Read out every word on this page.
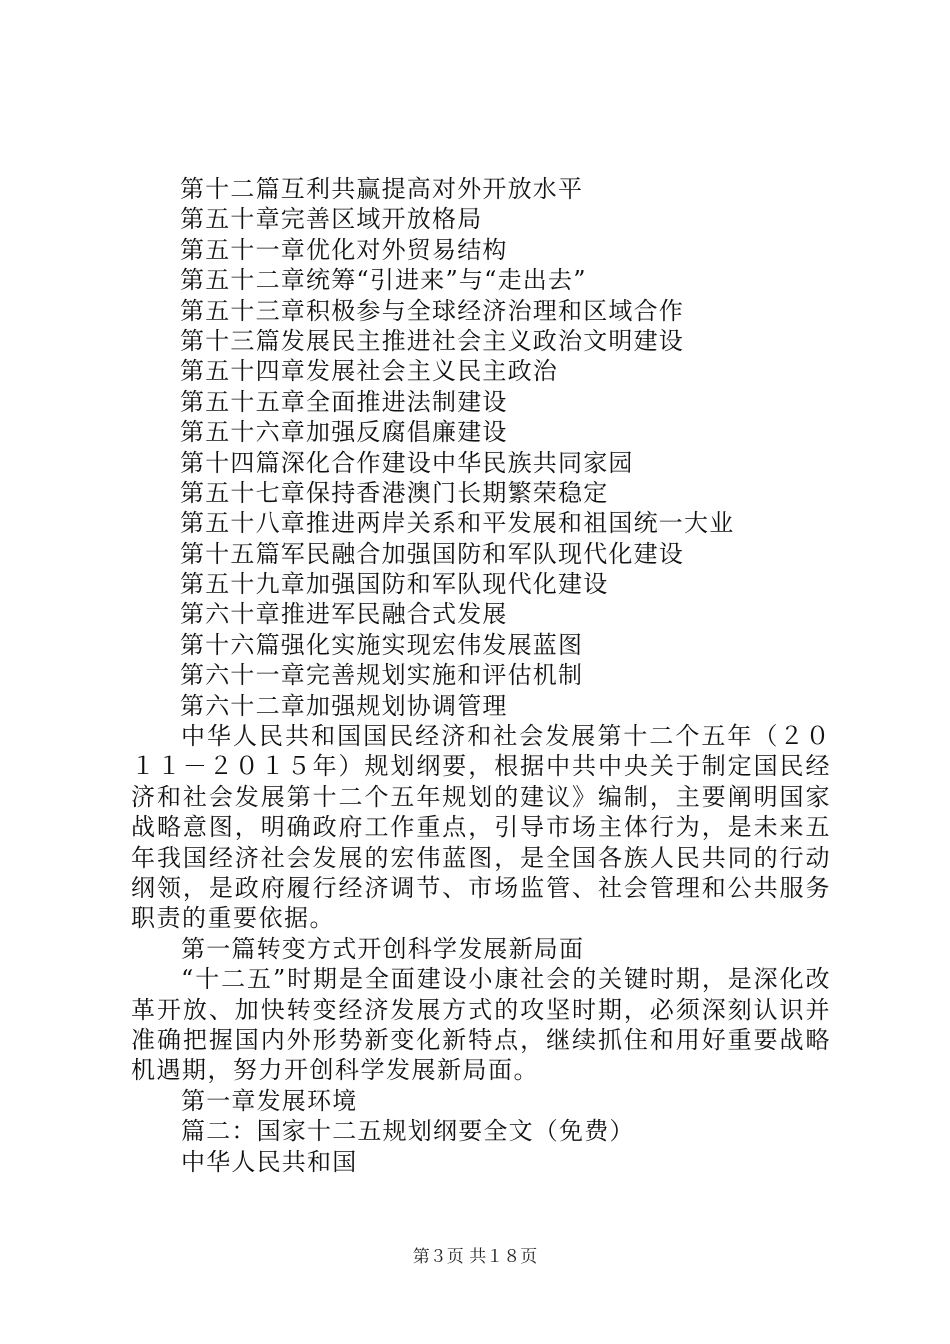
第十二篇互利共赢提高对外开放水平
第五十章完善区域开放格局
第五十一章优化对外贸易结构
第五十二章统筹“引进来”与“走出去”
第五十三章积极参与全球经济治理和区域合作
第十三篇发展民主推进社会主义政治文明建设
第五十四章发展社会主义民主政治
第五十五章全面推进法制建设
第五十六章加强反腐倡廉建设
第十四篇深化合作建设中华民族共同家园
第五十七章保持香港澳门长期繁荣稳定
第五十八章推进两岸关系和平发展和祖国统一大业
第十五篇军民融合加强国防和军队现代化建设
第五十九章加强国防和军队现代化建设
第六十章推进军民融合式发展
第十六篇强化实施实现宏伟发展蓝图
第六十一章完善规划实施和评估机制
第六十二章加强规划协调管理

中华人民共和国国民经济和社会发展第十二个五年（２０１１－２０１５年）规划纲要，根据中共中央关于制定国民经济和社会发展第十二个五年规划的建议》编制，主要阐明国家战略意图，明确政府工作重点，引导市场主体行为，是未来五年我国经济社会发展的宏伟蓝图，是全国各族人民共同的行动纲领，是政府履行经济调节、市场监管、社会管理和公共服务职责的重要依据。

第一篇转变方式开创科学发展新局面

“十二五”时期是全面建设小康社会的关键时期，是深化改革开放、加快转变经济发展方式的攻坚时期，必须深刻认识并准确把握国内外形势新变化新特点，继续抓住和用好重要战略机遇期，努力开创科学发展新局面。

第一章发展环境
篇二：国家十二五规划纲要全文（免费）
中华人民共和国
第３页 共１８页
